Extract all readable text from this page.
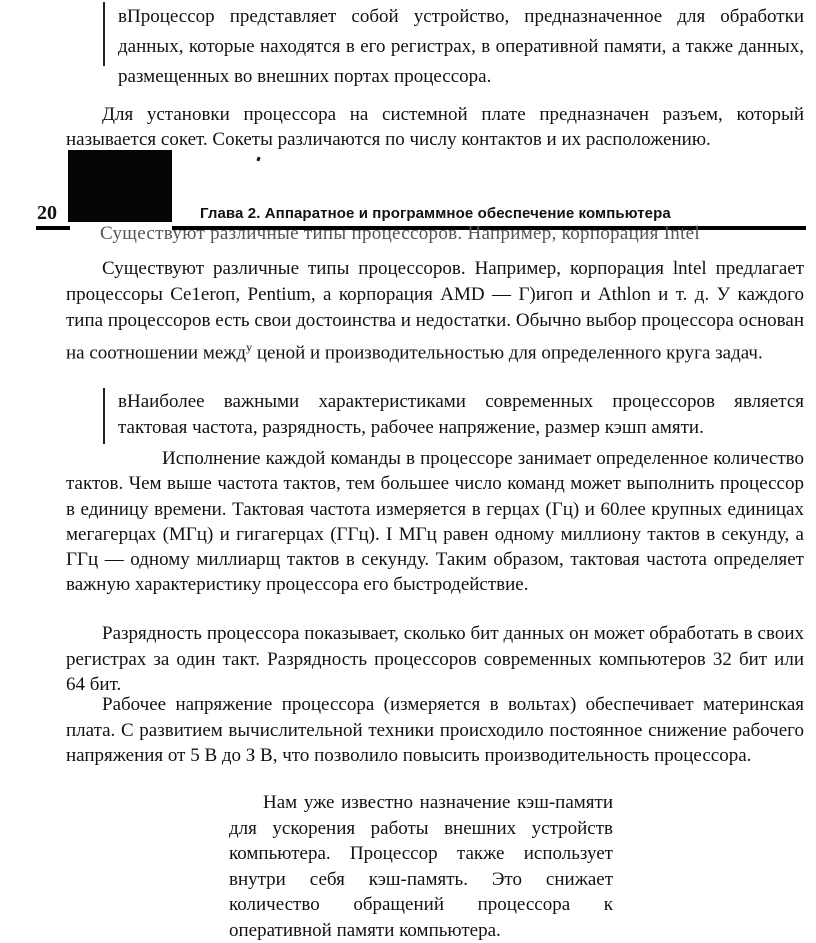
вПроцессор представляет собой устройство, предназначенное для обработки данных, которые находятся в его регистрах, в оперативной памяти, а также данных, размещенных во внешних портах процессора.

Для установки процессора на системной плате предназначен разъем, который называется сокет. Сокеты различаются по числу контактов и их расположению.

20	Глава 2. Аппаратное и программное обеспечение компьютера
Существуют различные типы процессоров. Например, корпорация Intel

Существуют различные типы процессоров. Например, корпорация lntel предлагает процессоры Ce1eroп, Pentium, а корпорация AMD — Г)игоп и Athlon и т. д. У каждого типа процессоров есть свои достоинства и недостатки. Обычно выбор процессора основан на соотношении межд$^у$ ценой и производительностью для определенного круга задач.

вНаиболее важными характеристиками современных процессоров является тактовая частота, разрядность, рабочее напряжение, размер кэшп амяти.

Исполнение каждой команды в процессоре занимает определенное количество тактов. Чем выше частота тактов, тем большее число команд может выполнить процессор в единицу времени. Тактовая частота измеряется в герцах (Гц) и 60лее крупных единицах мегагерцах (МГц) и гигагерцах (ГГц). I МГц равен одному миллиону тактов в секунду, а ГГц — одному миллиарщ тактов в секунду. Таким образом, тактовая частота определяет важную характеристику процессора его быстродействие.

Разрядность процессора показывает, сколько бит данных он может обработать в своих регистрах за один такт. Разрядность процессоров современных компьютеров 32 бит или 64 бит.

Рабочее напряжение процессора (измеряется в вольтах) обеспечивает материнская плата. С развитием вычислительной техники происходило постоянное снижение рабочего напряжения от 5 В до З В, что позволило повысить производительность процессора.

Нам уже известно назначение кэш-памяти для ускорения работы внешних устройств компьютера. Процессор также использует внутри себя кэш-память. Это снижает количество обращений процессора к оперативной памяти компьютера.
